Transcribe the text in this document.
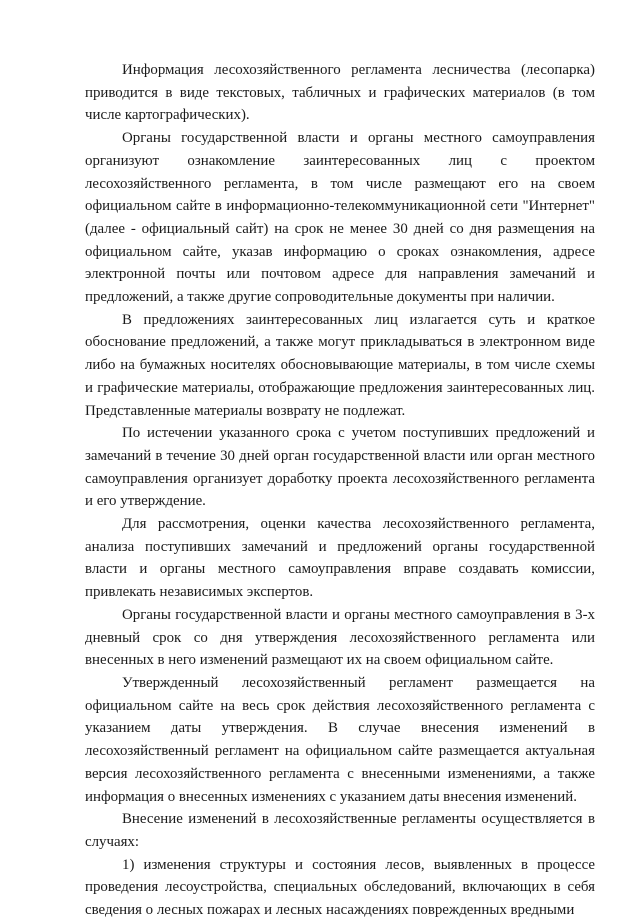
Информация лесохозяйственного регламента лесничества (лесопарка) приводится в виде текстовых, табличных и графических материалов (в том числе картографических).

Органы государственной власти и органы местного самоуправления организуют ознакомление заинтересованных лиц с проектом лесохозяйственного регламента, в том числе размещают его на своем официальном сайте в информационно-телекоммуникационной сети "Интернет" (далее - официальный сайт) на срок не менее 30 дней со дня размещения на официальном сайте, указав информацию о сроках ознакомления, адресе электронной почты или почтовом адресе для направления замечаний и предложений, а также другие сопроводительные документы при наличии.

В предложениях заинтересованных лиц излагается суть и краткое обоснование предложений, а также могут прикладываться в электронном виде либо на бумажных носителях обосновывающие материалы, в том числе схемы и графические материалы, отображающие предложения заинтересованных лиц. Представленные материалы возврату не подлежат.

По истечении указанного срока с учетом поступивших предложений и замечаний в течение 30 дней орган государственной власти или орган местного самоуправления организует доработку проекта лесохозяйственного регламента и его утверждение.

Для рассмотрения, оценки качества лесохозяйственного регламента, анализа поступивших замечаний и предложений органы государственной власти и органы местного самоуправления вправе создавать комиссии, привлекать независимых экспертов.

Органы государственной власти и органы местного самоуправления в 3-х дневный срок со дня утверждения лесохозяйственного регламента или внесенных в него изменений размещают их на своем официальном сайте.

Утвержденный лесохозяйственный регламент размещается на официальном сайте на весь срок действия лесохозяйственного регламента с указанием даты утверждения. В случае внесения изменений в лесохозяйственный регламент на официальном сайте размещается актуальная версия лесохозяйственного регламента с внесенными изменениями, а также информация о внесенных изменениях с указанием даты внесения изменений.

Внесение изменений в лесохозяйственные регламенты осуществляется в случаях:

1) изменения структуры и состояния лесов, выявленных в процессе проведения лесоустройства, специальных обследований, включающих в себя сведения о лесных пожарах и лесных насаждениях поврежденных вредными
